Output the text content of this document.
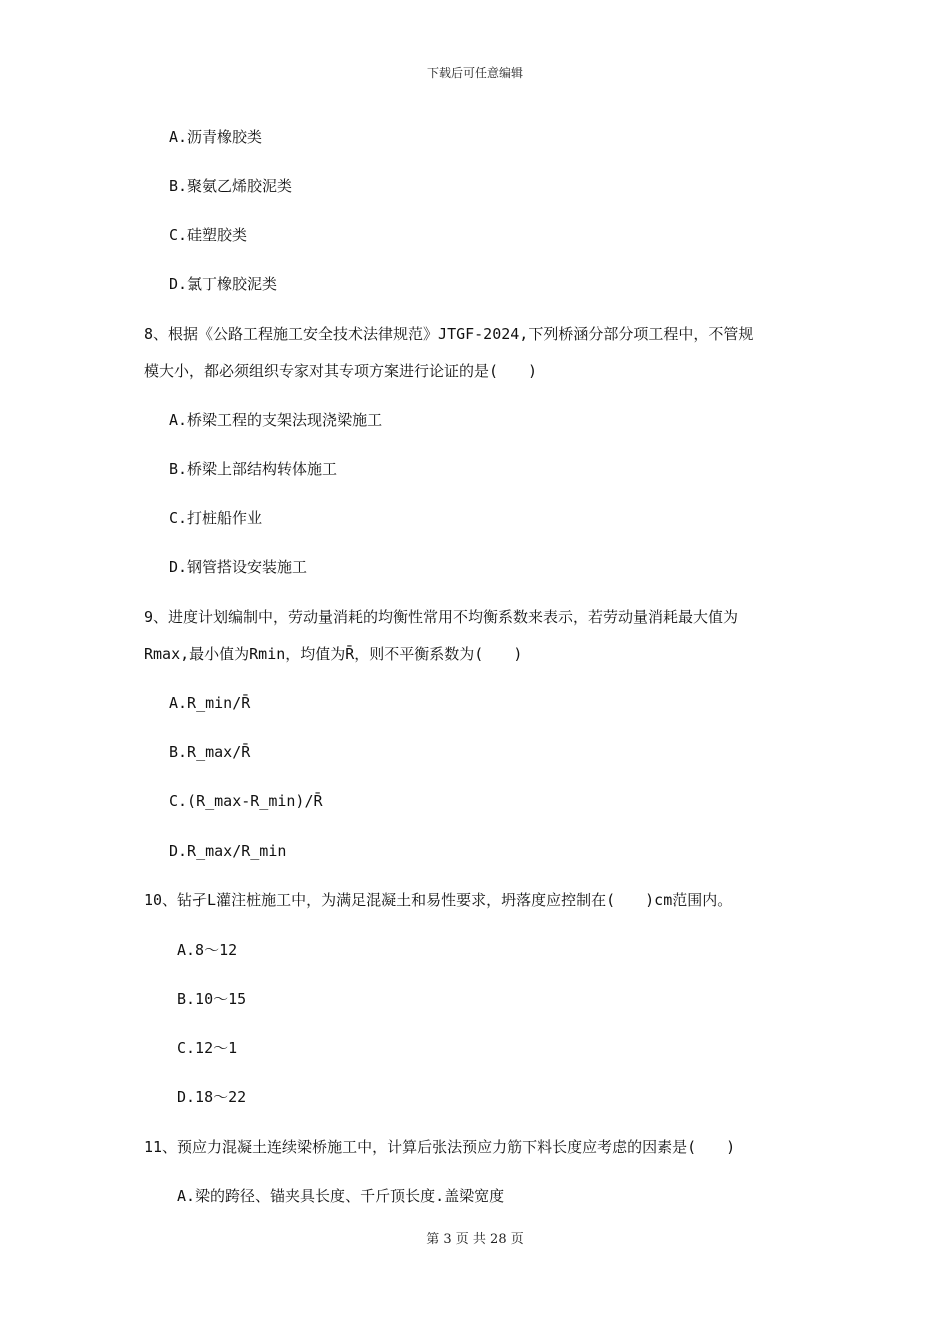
下载后可任意编辑
A.沥青橡胶类
B.聚氨乙烯胶泥类
C.硅塑胶类
D.氯丁橡胶泥类
8、根据《公路工程施工安全技术法律规范》JTGF-2024,下列桥涵分部分项工程中，不管规
模大小，都必须组织专家对其专项方案进行论证的是(　　)
A.桥梁工程的支架法现浇梁施工
B.桥梁上部结构转体施工
C.打桩船作业
D.钢管搭设安装施工
9、进度计划编制中，劳动量消耗的均衡性常用不均衡系数来表示，若劳动量消耗最大值为
Rmax,最小值为Rmin，均值为R̄，则不平衡系数为(　　)
A.R_min/R̄
B.R_max/R̄
C.(R_max-R_min)/R̄
D.R_max/R_min
10、钻孑L灌注桩施工中，为满足混凝土和易性要求，坍落度应控制在(　　)cm范围内。
A.8～12
B.10～15
C.12～1
D.18～22
11、预应力混凝土连续梁桥施工中，计算后张法预应力筋下料长度应考虑的因素是(　　)
A.梁的跨径、锚夹具长度、千斤顶长度.盖梁宽度
第 3 页 共 28 页
